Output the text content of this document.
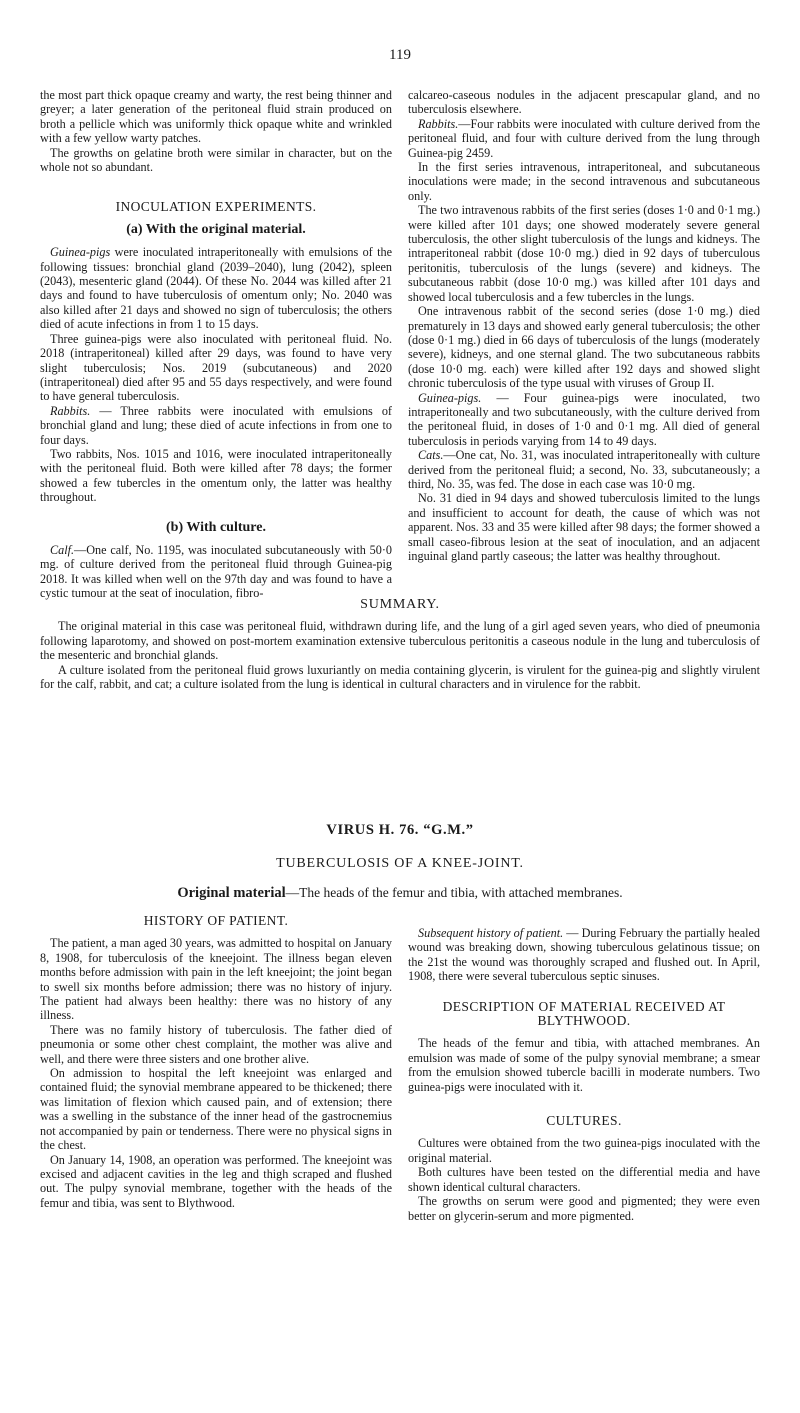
119

the most part thick opaque creamy and warty, the rest being thinner and greyer; a later generation of the peritoneal fluid strain produced on broth a pellicle which was uniformly thick opaque white and wrinkled with a few yellow warty patches.

The growths on gelatine broth were similar in character, but on the whole not so abundant.

INOCULATION EXPERIMENTS.
(a) With the original material.

Guinea-pigs were inoculated intraperitoneally with emulsions of the following tissues: bronchial gland (2039–2040), lung (2042), spleen (2043), mesenteric gland (2044). Of these No. 2044 was killed after 21 days and found to have tuberculosis of omentum only; No. 2040 was also killed after 21 days and showed no sign of tuberculosis; the others died of acute infections in from 1 to 15 days.

Three guinea-pigs were also inoculated with peritoneal fluid. No. 2018 (intraperitoneal) killed after 29 days, was found to have very slight tuberculosis; Nos. 2019 (subcutaneous) and 2020 (intraperitoneal) died after 95 and 55 days respectively, and were found to have general tuberculosis.

Rabbits. — Three rabbits were inoculated with emulsions of bronchial gland and lung; these died of acute infections in from one to four days.

Two rabbits, Nos. 1015 and 1016, were inoculated intraperitoneally with the peritoneal fluid. Both were killed after 78 days; the former showed a few tubercles in the omentum only, the latter was healthy throughout.

(b) With culture.

Calf.—One calf, No. 1195, was inoculated subcutaneously with 50·0 mg. of culture derived from the peritoneal fluid through Guinea-pig 2018. It was killed when well on the 97th day and was found to have a cystic tumour at the seat of inoculation, fibro-

calcareo-caseous nodules in the adjacent prescapular gland, and no tuberculosis elsewhere.

Rabbits.—Four rabbits were inoculated with culture derived from the peritoneal fluid, and four with culture derived from the lung through Guinea-pig 2459.

In the first series intravenous, intraperitoneal, and subcutaneous inoculations were made; in the second intravenous and subcutaneous only.

The two intravenous rabbits of the first series (doses 1·0 and 0·1 mg.) were killed after 101 days; one showed moderately severe general tuberculosis, the other slight tuberculosis of the lungs and kidneys. The intraperitoneal rabbit (dose 10·0 mg.) died in 92 days of tuberculous peritonitis, tuberculosis of the lungs (severe) and kidneys. The subcutaneous rabbit (dose 10·0 mg.) was killed after 101 days and showed local tuberculosis and a few tubercles in the lungs.

One intravenous rabbit of the second series (dose 1·0 mg.) died prematurely in 13 days and showed early general tuberculosis; the other (dose 0·1 mg.) died in 66 days of tuberculosis of the lungs (moderately severe), kidneys, and one sternal gland. The two subcutaneous rabbits (dose 10·0 mg. each) were killed after 192 days and showed slight chronic tuberculosis of the type usual with viruses of Group II.

Guinea-pigs. — Four guinea-pigs were inoculated, two intraperitoneally and two subcutaneously, with the culture derived from the peritoneal fluid, in doses of 1·0 and 0·1 mg. All died of general tuberculosis in periods varying from 14 to 49 days.

Cats.—One cat, No. 31, was inoculated intraperitoneally with culture derived from the peritoneal fluid; a second, No. 33, subcutaneously; a third, No. 35, was fed. The dose in each case was 10·0 mg.

No. 31 died in 94 days and showed tuberculosis limited to the lungs and insufficient to account for death, the cause of which was not apparent. Nos. 33 and 35 were killed after 98 days; the former showed a small caseo-fibrous lesion at the seat of inoculation, and an adjacent inguinal gland partly caseous; the latter was healthy throughout.

SUMMARY.

The original material in this case was peritoneal fluid, withdrawn during life, and the lung of a girl aged seven years, who died of pneumonia following laparotomy, and showed on post-mortem examination extensive tuberculous peritonitis a caseous nodule in the lung and tuberculosis of the mesenteric and bronchial glands.

A culture isolated from the peritoneal fluid grows luxuriantly on media containing glycerin, is virulent for the guinea-pig and slightly virulent for the calf, rabbit, and cat; a culture isolated from the lung is identical in cultural characters and in virulence for the rabbit.

VIRUS H. 76. “G.M.”
TUBERCULOSIS OF A KNEE-JOINT.
Original material—The heads of the femur and tibia, with attached membranes.
HISTORY OF PATIENT.

The patient, a man aged 30 years, was admitted to hospital on January 8, 1908, for tuberculosis of the kneejoint. The illness began eleven months before admission with pain in the left kneejoint; the joint began to swell six months before admission; there was no history of injury. The patient had always been healthy: there was no history of any illness.

There was no family history of tuberculosis. The father died of pneumonia or some other chest complaint, the mother was alive and well, and there were three sisters and one brother alive.

On admission to hospital the left kneejoint was enlarged and contained fluid; the synovial membrane appeared to be thickened; there was limitation of flexion which caused pain, and of extension; there was a swelling in the substance of the inner head of the gastrocnemius not accompanied by pain or tenderness. There were no physical signs in the chest.

On January 14, 1908, an operation was performed. The kneejoint was excised and adjacent cavities in the leg and thigh scraped and flushed out. The pulpy synovial membrane, together with the heads of the femur and tibia, was sent to Blythwood.

Subsequent history of patient. — During February the partially healed wound was breaking down, showing tuberculous gelatinous tissue; on the 21st the wound was thoroughly scraped and flushed out. In April, 1908, there were several tuberculous septic sinuses.

DESCRIPTION OF MATERIAL RECEIVED AT BLYTHWOOD.

The heads of the femur and tibia, with attached membranes. An emulsion was made of some of the pulpy synovial membrane; a smear from the emulsion showed tubercle bacilli in moderate numbers. Two guinea-pigs were inoculated with it.

CULTURES.

Cultures were obtained from the two guinea-pigs inoculated with the original material.

Both cultures have been tested on the differential media and have shown identical cultural characters.

The growths on serum were good and pigmented; they were even better on glycerin-serum and more pigmented.
